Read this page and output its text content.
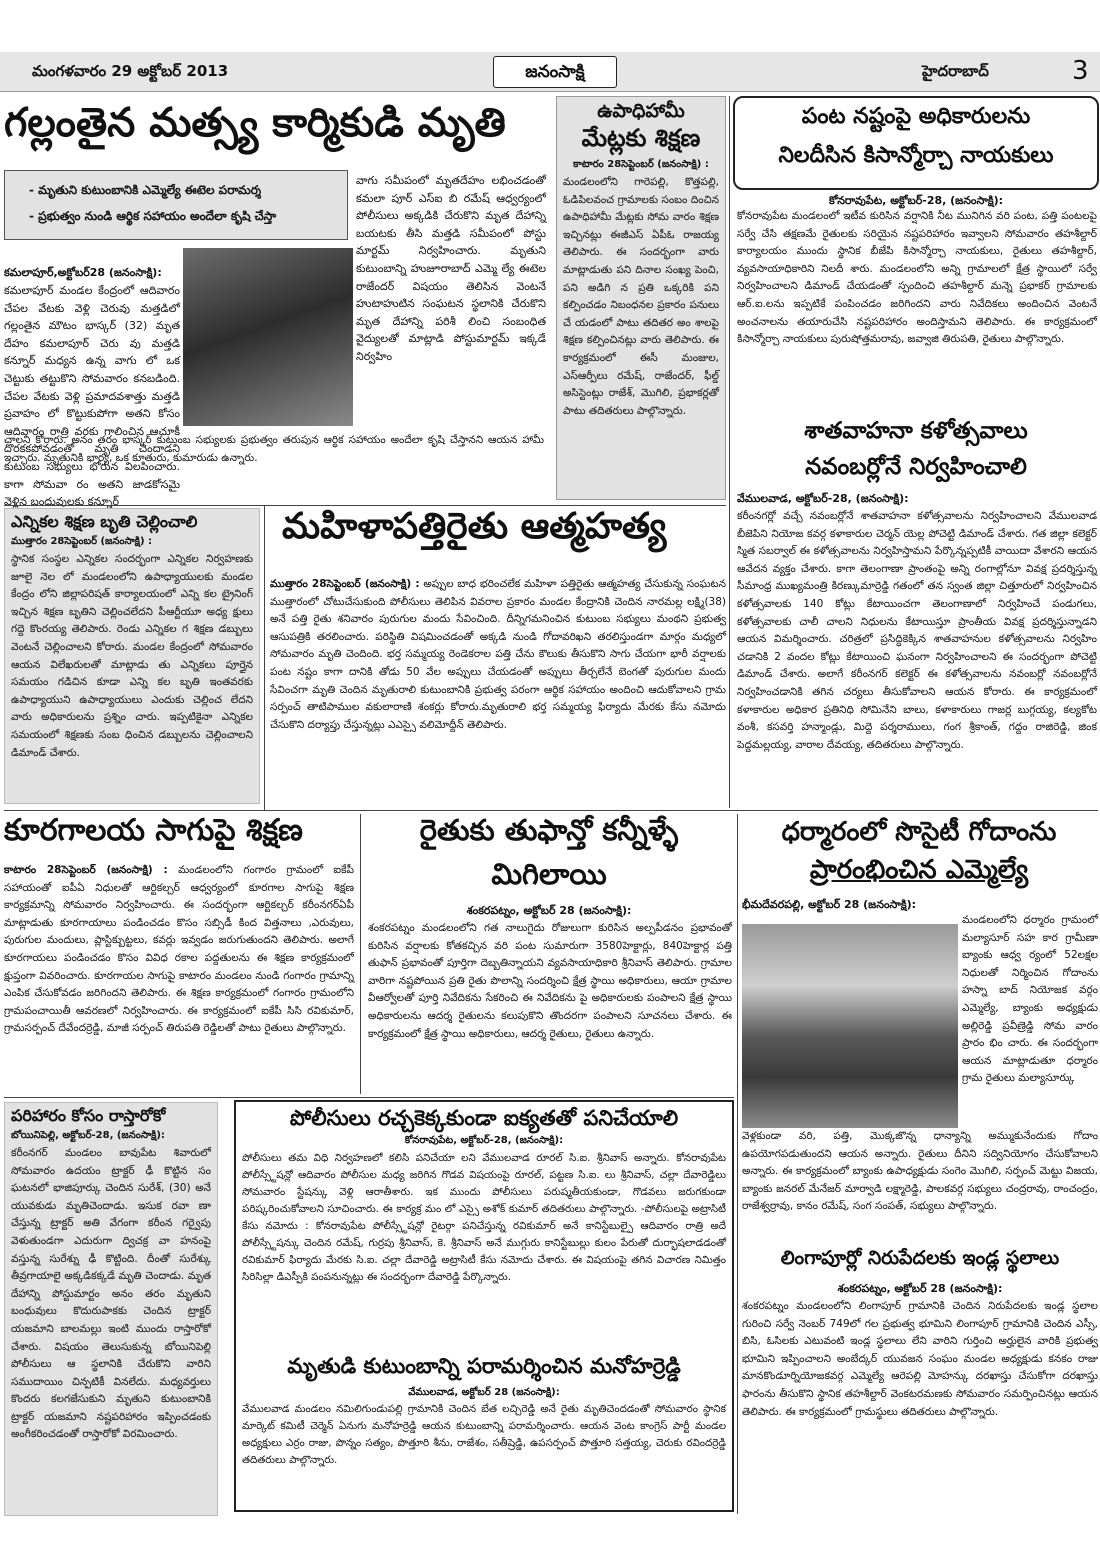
మంగళవారం 29 అక్టోబర్ 2013	జనంసాక్షి	హైదరాబాద్	3
గల్లంతైన మత్స్య కార్మికుడి మృతి
- మృతుని కుటుంబానికి ఎమ్మెల్యే ఈటెల పరామర్శ
- ప్రభుత్వం నుండి ఆర్థిక సహాయం అందేలా కృషి చేస్తా
కమలాపూర్,అక్టోబర్28 (జనంసాక్షి):
కమలాపూర్ మండల కేంద్రంలో ఆదివారం చేపల వేటకు వెళ్లి చెరువు మత్తడిలో గల్లంతైన మౌటం భాస్కర్ (32) మృత దేహం కమలాపూర్ చెరు వు మత్తడి కన్నూర్ మధ్యన ఉన్న వాగు లో ఒక చెట్టుకు తట్టుకొని సోమవారం కనబడింది. చేపల వేటకు వెళ్లి ప్రమాదవశాత్తు మత్తడి ప్రవాహం లో కొట్టుకుపోగా అతని కోసం ఆదివారం రాత్రి వరకు గాలించిన ఆచూకీ దొరకకపోవడంతో మృతి చెందాడని కుటుంబ సభ్యులు భోరున విలపించారు. కాగా సోమవా రం అతని జాడకోసమై వెళ్లిన బంధువులకు కన్నూర్
వాగు సమీపంలో మృతదేహం లభించడంతో కమలా పూర్ ఎస్ఐ బి రమేష్ ఆధ్వర్యంలో పోలీసులు అక్కడికి చేరుకొని మృత దేహాన్ని బయటకు తీసి మత్తడి సమీపంలో పోస్టు మార్టమ్ నిర్వహించారు. మృతుని కుటుంబాన్ని హుజూరాబాద్ ఎమ్మె ల్యే ఈటెల రాజేందర్ విషయం తెలిసిన వెంటనే హుటాహుటిన సంఘటన స్థలానికి చేరుకొని మృత దేహాన్ని పరిశీ లించి సంబంధిత వైద్యులతో మాట్లాడి పోస్టుమార్టమ్ ఇక్కడే నిర్వహిం
చాలని కోరారు. అనం తరం భాస్కర్ కుటుంబ సభ్యులకు ప్రభుత్వం తరుపున ఆర్థిక సహాయం అందేలా కృషి చేస్తానని ఆయన హామీ ఇచ్చారు. మృతునికి భార్య, ఒక కూతురు, కుమారుడు ఉన్నారు.
ఉపాధిహామీ
మేట్లకు శిక్షణ
కాటారం 28సెప్టెంబర్ (జనంసాక్షి) :
మండలంలోని గారెపల్లి, కొత్తపల్లి, ఓడిపిలవంచ గ్రామాలకు సంబం దించిన ఉపాధిహామీ మేట్లకు సోమ వారం శిక్షణ ఇచ్చినట్లు ఈజీఎస్ ఏపీఓ రాజయ్య తెలిపారు. ఈ సందర్భంగా వారు మాట్లాడుతు పని దినాల సంఖ్య పెంచి, పని అడిగి న ప్రతి ఒక్కరికి పని కల్పించడం నిబంధనల ప్రకారం పనులు చే యడంలో పాటు తదితర అం శాలపై శిక్షణ కల్పించినట్లు వారు తెలిపారు. ఈ కార్యక్రమంలో ఈసీ మంజుల, ఎస్ఆర్పీలు రమేష్, రాజేందర్, ఫీల్డ్ అసిస్టెంట్లు రాజేశ్, మొగిలి, ప్రభాకర్లతో పాటు తదితరులు పాల్గొన్నారు.
పంట నష్టంపై అధికారులను
నిలదీసిన కిసాన్మోర్చా నాయకులు
కోనరావుపేట, అక్టోబర్-28, (జనంసాక్షి):
కోనరావుపేట మండలంలో ఇటీవ కురిసిన వర్షానికి నీట మునిగిన వరి పంట, పత్తి పంటలపై సర్వే చేసి తక్షణమే రైతులకు సరియైన నష్టపరిహారం ఇవ్వాలని సోమవారం తహశీల్దార్ కార్యాలయం ముందు స్థానిక బీజేపి కిసాన్మోర్చా నాయకులు, రైతులు తహశీల్దార్, వ్యవసాయాధికారిని నిలదీ శారు. మండలంలోని అన్ని గ్రామాలలో క్షేత్ర స్థాయిలో సర్వే నిర్వహించాలని డిమాండ్ చేయడంతో స్పందించి తహశీల్దార్ మన్నె ప్రభాకర్ గ్రామాలకు ఆర్.ఐ.లను ఇప్పటికే పంపించడం జరిగిందని వారు నివేదికలు అందించిన వెంటనే అంచనాలను తయారుచేసి నష్టపరిహారం అందిస్తామని తెలిపారు. ఈ కార్యక్రమంలో కిసాన్మోర్చా నాయకులు పురుషోత్తమరావు, జవ్వాజి తిరుపతి, రైతులు పాల్గొన్నారు.
శాతవాహనా కళోత్సవాలు
నవంబర్లోనే నిర్వహించాలి
వేములవాడ, అక్టోబర్-28, (జనంసాక్షి):
కరీంనగర్లో వచ్చే నవంబర్లోనే శాతవాహనా కళోత్సవాలను నిర్వహించాలని వేములవాడ బీజెపిని నియోజ కవర్గ కళాకారుల చెర్మన్ యెల్ల పోచెట్టి డిమాండ్ చేశారు. గత జిల్లా కలెక్టర్ స్మిత సబర్వాల్ ఈ కళోత్సవాలను నిర్వహిస్తామని పేర్కొన్నప్పటికీ వాయిదా వేశారని ఆయన ఆవేదన వ్యక్తం చేశారు. కాగా తెలంగాణా ప్రాంతంపై అన్ని రంగాల్లోనూ వివక్ష ప్రదర్శిస్తున్న సీమాంధ్ర ముఖ్యమంత్రి కిరణ్కుమార్రెడ్డి గతంలో తన స్వంత జిల్లా చిత్తూరులో నిర్వహించిన కళోత్సవాలకు 140 కోట్లు కేటాయించగా తెలంగాణాలో నిర్వహించే పండుగలు, కళోత్సవాలకు చాలీ చాలని నిధులను కేటాయిస్తూ ప్రాంతీయ వివక్ష ప్రదర్శిస్తున్నాడని ఆయన విమర్శించారు. చరిత్రలో ప్రసిద్ధికెక్కిన శాతవాహనుల కళోత్సవాలను నిర్వహిం చడానికి 2 వందల కోట్లు కేటాయించి ఘనంగా నిర్వహించాలని ఈ సందర్భంగా పోచెట్టి డిమాండ్ చేశారు. అలాగే కరీంనగర్ కలెక్టర్ ఈ కళోత్సవాలను నవంబర్లో నవంబర్లోనే నిర్వహించడానికి తగిన చర్యలు తీసుకోవాలని ఆయన కోరారు. ఈ కార్యక్రమంలో కళాకారుల అధికార ప్రతినిధి సోమినేని బాలు, కళాకారులు గాజర్ల బుగ్గయ్య, కల్యకోట వంశీ, కసవర్తి హన్మాండ్లు, మిద్దె పర్శరాములు, గంగ శ్రీకాంత్, గద్దం రాజిరెడ్డి, జింక పెద్దమల్లయ్య, వారాల దేవయ్య, తదితరులు పాల్గొన్నారు.
ఎన్నికల శిక్షణ బృతి చెల్లించాలి
ముత్తారం 28సెప్టెంబర్ (జనంసాక్షి) :
స్థానిక సంస్థల ఎన్నికల సందర్భంగా ఎన్నికల నిర్వహణకు జూలై నెల లో మండలంలోని ఉపాధ్యాయులకు మండల కేంద్రం లోని జిల్లాపరిషత్ కార్యాలయంలో ఎన్ని కల ట్రైనింగ్ ఇచ్చిన శిక్షణ బృతిని చెల్లించలేదని పీఆర్టీయూ అధ్య క్షులు గద్దె కొంరయ్య తెలిపారు. రెండు ఎన్నికల గ శిక్షణ డబ్బులు వెంటనే చెల్లించాలని కోరారు. మండల కేంద్రంలో సోమవారం ఆయన విలేఖరులతో మాట్లాడు తు ఎన్నికలు పూర్తైన సమయం గడిచిన కూడా ఎన్ని కల బృతి ఇంతవరకు ఉపాధ్యాయుని ఉపాధ్యాయులు ఎందుకు చెల్లించ లేదని వారు అధికారులను ప్రశ్నిం చారు. ఇప్పటికైనా ఎన్నికల సమయంలో శిక్షణకు సంబ ధించిన డబ్బులను చెల్లించాలని డిమాండ్ చేశారు.
మహిళాపత్తిరైతు ఆత్మహత్య
ముత్తారం 28సెప్టెంబర్ (జనంసాక్షి) : అప్పుల బాధ భరించలేక మహిళా పత్తిరైతు ఆత్మహత్య చేసుకున్న సంఘటన ముత్తారంలో చోటుచేసుకుంది పోలీసులు తెలిపిన వివరాల ప్రకారం మండల కేంద్రానికి చెందిన నారమల్ల లక్ష్మి(38) అనే పత్తి రైతు శనివారం పురుగుల మందు సేవించింది. దీన్నిగమనించిన కుటుంబ సభ్యులు మంథని ప్రభుత్వ ఆసుపత్రికి తరలించారు. పరిస్థితి విషమించడంతో అక్కడి నుండి గోదావరిఖని తరలిస్తుండగా మార్గం మధ్యలో సోమవారం మృతి చెందింది. భర్త సమ్మయ్య రెండెకరాల పత్తి చేను కౌలుకు తీసుకొని సాగు చేయగా భారీ వర్షాలకు పంట నష్టం కాగా దానికి తోడు 50 వేల అప్పులు చేయడంతో అప్పులు తీర్చలేనే బెంగతో పురుగుల మందు సేవించగా మృతి చెందిన మృతురాలి కుటుంబానికి ప్రభుత్వ పరంగా ఆర్థిక సహాయం అందించి ఆదుకోవాలని గ్రామ సర్పంచ్ తాటిపాముల వకులారాణి శంకర్లు కోరారు.మృతురాలి భర్త సమ్మయ్య ఫిర్యాదు మేరకు కేసు నమోదు చేసుకొని దర్యాప్తు చేస్తున్నట్లు ఎఎస్సై వలిమోద్దీన్ తెలిపారు.
కూరగాలయ సాగుపై శిక్షణ
కాటారం 28సెప్టెంబర్ (జనంసాక్షి) : మండలంలోని గంగారం గ్రామంలో ఐకేపీ సహాయంతో ఐపీఏ నిధులతో ఆర్టికల్చర్ ఆధ్వర్యంలో కూరగాల సాగుపై శిక్షణ కార్యక్రమాన్ని సోమవారం నిర్వహించారు. ఈ సందర్భంగా ఆర్టికల్చర్ కరీంనగర్ఏపీ మాట్లాడుతు కూరగాయాలు పండించడం కొసం సబ్సిడీ కింద విత్తనాలు ,ఎరువులు, పురుగుల మందులు, ప్లాస్టిక్బుట్టలు, కవర్లు ఇవ్వడం జరుగుతుందని తెలిపారు. అలాగే కూరగాయలు పండించడం కొసం వివిధ రకాల పద్దతులను ఈ శిక్షణ కార్యక్రమంలో క్షుప్తంగా వివరించారు. కూరగాయల సాగుపై కాటారం మండలం నుండి గంగారం గ్రామాన్ని ఎంపిక చేసుకోవడం జరిగిందని తెలిపారు. ఈ శిక్షణ కార్యక్రమంలో గంగారం గ్రామంలోని గ్రామపంచాయితీ ఆవరణలో నిర్వహించారు. ఈ కార్యక్రమంలో ఐకేపీ సిసి రవికుమార్, గ్రామసర్పంచ్ దేవేందర్రెడ్డి, మాజీ సర్పంచ్ తిరుపతి రెడ్డిలతో పాటు రైతులు పాల్గొన్నారు.
రైతుకు తుఫాన్తో కన్నీళ్ళే
మిగిలాయి
శంకరపట్నం, అక్టోబర్ 28 (జనంసాక్షి):
శంకరపట్నం మండలంలోని గత నాలుగైదు రోజులుగా కురిసిన అల్పపీడనం ప్రభావంతో కురిసిన వర్షాలకు కోతకచ్చిన వరి పంట సుమారుగా 3580హెక్టార్లు, 840హెక్టార్ల పత్తి తుఫాన్ ప్రభావంతో పూర్తిగా దెబ్బతిన్నాయని వ్యవసాయాధికారి శ్రీనివాస్ తెలిపారు. గ్రామాల వారిగా నష్టపోయిన ప్రతి రైతు పొలాన్ని సందర్శించి క్షేత్ర స్థాయి అధికారులు, ఆయా గ్రామాల వీఆర్వోలతో పూర్తి నివేదికను సేకరించి ఈ నివేదికను పై అధికారులకు పంపాలని క్షేత్ర స్థాయి అధికారులను ఆదర్శ రైతులను కలుపుకొని తొందరగా పంపాలని సూచనలు చేశారు. ఈ కార్యక్రమంలో క్షేత్ర స్థాయి అధికారులు, ఆదర్శ రైతులు, రైతులు ఉన్నారు.
ధర్మారంలో సొసైటీ గోదాంను
ప్రారంభించిన ఎమ్మెల్యే
భీమదేవరపల్లి, అక్టోబర్ 28 (జనంసాక్షి):
మండలంలోని ధర్మారం గ్రామంలో మల్యాసూర్ సహ కార గ్రామీణా బ్యాంకు ఆధ్వ ర్యంలో 52లక్షల నిధులతో నిర్మించిన గోదాంను హస్నా బాద్ నియోజక వర్గం ఎమ్మెల్యే, బ్యాంకు అధ్యక్షుడు అల్లిరెడ్డి ప్రవీణ్రెడ్డి సోమ వారం ప్రారం భిం చారు. ఈ సందర్భంగా ఆయన మాట్లాడుతూ ధర్మారం గ్రామ రైతులు మల్యాసూర్కు
వెళ్లకుండా వరి, పత్తి, మొక్కజొన్న ధాన్యాన్ని అమ్ముకునేందుకు గోదాం ఉపయోగపడుతుందని ఆయన అన్నారు. రైతులు దీనిని సద్వినియోగం చేసుకోవాలని అన్నారు. ఈ కార్యక్రమంలో బ్యాంకు ఉపాధ్యక్షుడు సంగెం మొగిలి, సర్పంచ్ మెట్టు విజయ, బ్యాంకు జనరల్ మేనేజర్ మార్వాడి లక్ష్మారెడ్డి, పాలకవర్గ సభ్యులు చంద్రరావు, రాంచంద్రం, రాజేశ్వర్రావు, కానం రమేష్, సంగ సంపత్, సభ్యులు పాల్గొన్నారు.
పరిహారం కోసం రాస్తారోకో
బోయినిపెల్లి, అక్టోబర్-28, (జనంసాక్షి):
కరీంనగర్ మండలం బావుపేట శివారులో సోమవారం ఉదయం ట్రాక్టర్ ఢీ కొట్టిన సం ఘటనలో భాజిపూర్కు చెందిన సురేశ్, (30) అనే యువకుడు మృతిచెందాడు. ఇసుక రవా ణా చేస్తున్న ట్రాక్టర్ అతి వేగంగా కరీంన గర్వైపు వెళుతుండగా ఎదురుగా ద్విచక్ర వా హనంపై వస్తున్న సురేశ్ను ఢీ కొట్టింది. దీంతో సురేశ్కు తీవ్రగాయాలై అక్కడికక్కడే మృతి చెందాడు. మృత దేహాన్ని పోస్టుమార్టం అనం తరం మృతుని బంధువులు కొదురుపాకకు చెందిన ట్రాక్టర్ యజమాని బాలమల్లు ఇంటి ముందు రాస్తారోకో చేశారు. విషయం తెలుసుకున్న బోయినిపెల్లి పోలీసులు ఆ స్థలానికి చేరుకొని వారిని సముదాయిం చిన్పటికీ వినలేదు. మధ్యవర్తులు కొందరు కలగజేసుకుని మృతుని కుటుంబానికి ట్రాక్టర్ యజమాని నష్టపరిహారం ఇప్పించడంకు అంగీకరించడంతో రాస్తారోకో విరమించారు.
పోలీసులు రచ్చకెక్కకుండా ఐక్యతతో పనిచేయాలి
కోనరావుపేట, అక్టోబర్-28, (జనంసాక్షి):
పోలీసులు తమ విధి నిర్వహణలో కలిసి పనిచేయా లని వేములవాడ రూరల్ సి.ఐ. శ్రీనివాస్ అన్నారు. కోనరావుపేట పోలీస్స్టేషన్లో ఆదివారం పోలీసుల మధ్య జరిగిన గొడవ విషయంపై రూరల్, పట్టణ సి.ఐ. లు శ్రీనివాస్, చల్లా దేవారెడ్డిలు సోమవారం స్టేషన్కు వెళ్లి ఆరాతీశారు. ఇక ముందు పోలీసులు పరుష్మతీయకుండా, గొడవలు జరుగకుండా పరిష్కరించుకోవాలని సూచించారు. ఈ కార్యక్ర మం లో ఎస్సై అశోక్ కుమార్ తదితరులు పాల్గొన్నారు. -పోలీసులపై అట్రాసిటీ కేసు నమోదు : కోనరావుపేట పోలీస్స్టేషన్లో రైటర్గా పనిచేస్తున్న రవికుమార్ అనే కానిస్టేబుల్పై ఆదివారం రాత్రి అదే పోలీస్స్టేషన్కు చెందిన రమేష్, గుర్రపు శ్రీనివాస్, కె. శ్రీనివాస్ అనే ముగ్గురు కానిస్టేబుల్లు కులం పేరుతో దుర్భాషలాడడంతో రవికుమార్ ఫిర్యాదు మేరకు సి.ఐ. చల్లా దేవారెడ్డి అట్రాసిటీ కేసు నమోదు చేశారు. ఈ విషయంపై తగిన విచారణ నిమిత్తం సిరిసిల్లా డిఎస్పీకి పంపనున్నట్లు ఈ సందర్భంగా దేవారెడ్డి పేర్కొన్నారు.
మృతుడి కుటుంబాన్ని పరామర్శించిన మనోహర్రెడ్డి
వేములవాడ, అక్టోబర్ 28 (జనంసాక్షి):
వేములవాడ మండలం నమిలిగుండుపల్లి గ్రామానికి చెందిన బేత లచ్చిరెడ్డి అనే రైతు మృతిచెందడంతో సోమవారం స్థానిక మార్కెట్ కమిటీ చెర్మెన్ ఏనుగు మనోహర్రెడ్డి ఆయన కుటుంబాన్ని పరామర్శించారు. ఆయన వెంట కాంగ్రెస్ పార్టీ మండల అధ్యక్షులు ఎర్రం రాజు, పొన్నం సత్యం, పొత్తూరి శీను, రాజేశం, సతీష్రెడ్డి, ఉపసర్పంచ్ పొత్తూరి సత్తయ్య, చెరుకు రవిందర్రెడ్డి తదితరులు పాల్గొన్నారు.
లింగాపూర్లో నిరుపేదలకు ఇండ్ల స్థలాలు
శంకరపట్నం, అక్టోబర్ 28 (జనంసాక్షి):
శంకరపట్నం మండలంలోని లింగాపూర్ గ్రామానికి చెందిన నిరుపేదలకు ఇండ్ల స్థలాల గురించి సర్వే నెంబర్ 749లో గల ప్రభుత్వ భూమిని లింగాపూర్ గ్రామానికి చెందిన ఎస్సీ, బిసి, ఓసిలకు ఎటువంటి ఇండ్ల స్థలాలు లేని వారిని గుర్తించి అర్హులైన వారికి ప్రభుత్వ భూమిని ఇప్పించాలని అంబేద్కర్ యువజన సంఘం మండల అధ్యక్షుడు కనకం రాజు మానకొండూర్నియోజకవర్గ ఎమ్మెల్యే ఆరెపల్లి మోహన్కు దరఖాస్తు చేసుకోగా దరఖాస్తు ఫారంను తీసుకొని స్థానిక తహశీల్దార్ వెంకటరమణకు సోమవారం సమర్పించినట్లు ఆయన తెలిపారు. ఈ కార్యక్రమంలో గ్రామస్థులు తదితరులు పాల్గొన్నారు.
